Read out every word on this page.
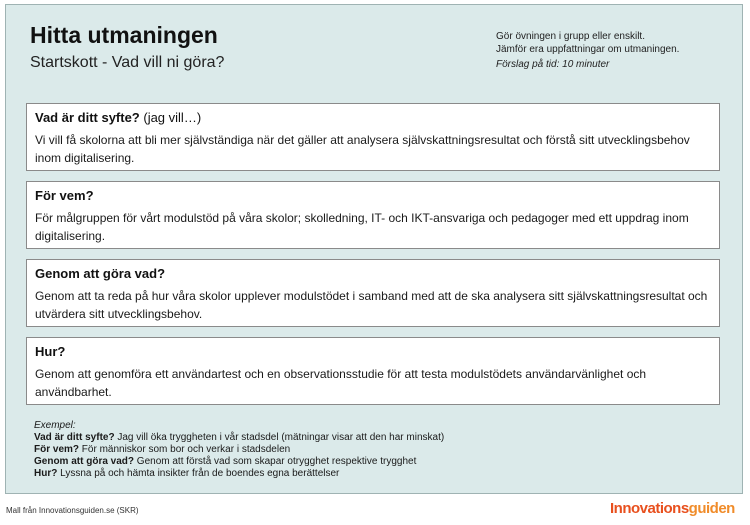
Hitta utmaningen
Startskott - Vad vill ni göra?
Gör övningen i grupp eller enskilt.
Jämför era uppfattningar om utmaningen.
Förslag på tid: 10 minuter
Vad är ditt syfte? (jag vill…)
Vi vill få skolorna att bli mer självständiga när det gäller att analysera självskattningsresultat och förstå sitt utvecklingsbehov inom digitalisering.
För vem?
För målgruppen för vårt modulstöd på våra skolor; skolledning, IT- och IKT-ansvariga och pedagoger med ett uppdrag inom digitalisering.
Genom att göra vad?
Genom att ta reda på hur våra skolor upplever modulstödet i samband med att de ska analysera sitt självskattningsresultat och utvärdera sitt utvecklingsbehov.
Hur?
Genom att genomföra ett användartest och en observationsstudie för att testa modulstödets användarvänlighet och användbarhet.
Exempel:
Vad är ditt syfte? Jag vill öka tryggheten i vår stadsdel (mätningar visar att den har minskat)
För vem? För människor som bor och verkar i stadsdelen
Genom att göra vad? Genom att förstå vad som skapar otrygghet respektive trygghet
Hur? Lyssna på och hämta insikter från de boendes egna berättelser
Mall från Innovationsguiden.se (SKR)	Innovationsguiden
